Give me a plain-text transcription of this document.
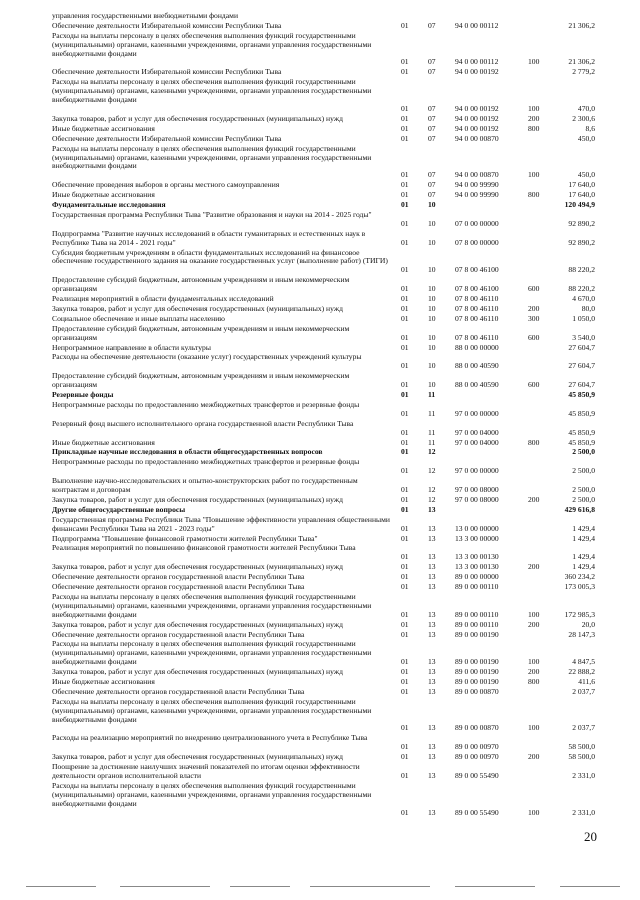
управления государственными внебюджетными фондами
Обеспечение деятельности Избирательной комиссии Республики Тыва	01	07	94 0 00 00112	21 306,2
Расходы на выплаты персоналу в целях обеспечения выполнения функций государственными (муниципальными) органами, казенными учреждениями, органами управления государственными внебюджетными фондами
01	07	94 0 00 00112	100	21 306,2
Обеспечение деятельности Избирательной комиссии Республики Тыва	01	07	94 0 00 00192	2 779,2
Расходы на выплаты персоналу в целях обеспечения выполнения функций государственными (муниципальными) органами, казенными учреждениями, органами управления государственными внебюджетными фондами
01	07	94 0 00 00192	100	470,0
Закупка товаров, работ и услуг для обеспечения государственных (муниципальных) нужд	01	07	94 0 00 00192	200	2 300,6
Иные бюджетные ассигнования	01	07	94 0 00 00192	800	8,6
Обеспечение деятельности Избирательной комиссии Республики Тыва	01	07	94 0 00 00870	450,0
Расходы на выплаты персоналу в целях обеспечения выполнения функций государственными (муниципальными) органами, казенными учреждениями, органами управления государственными внебюджетными фондами
01	07	94 0 00 00870	100	450,0
Обеспечение проведения выборов в органы местного самоуправления	01	07	94 0 00 99990	17 640,0
Иные бюджетные ассигнования	01	07	94 0 00 99990	800	17 640,0
Фундаментальные исследования	01	10	120 494,9
Государственная программа Республики Тыва "Развитие образования и науки на 2014 - 2025 годы"
01	10	07 0 00 00000	92 890,2
Подпрограмма "Развитие научных исследований в области гуманитарных и естественных наук в Республике Тыва на 2014 - 2021 годы"	01	10	07 8 00 00000	92 890,2
Субсидия бюджетным учреждениям в области фундаментальных исследований на финансовое обеспечение государственного задания на оказание государственных услуг (выполнение работ) (ТИГИ)
01	10	07 8 00 46100	88 220,2
Предоставление субсидий бюджетным, автономным учреждениям и иным некоммерческим организациям	01	10	07 8 00 46100	600	88 220,2
Реализация мероприятий в области фундаментальных исследований	01	10	07 8 00 46110	4 670,0
Закупка товаров, работ и услуг для обеспечения государственных (муниципальных) нужд	01	10	07 8 00 46110	200	80,0
Социальное обеспечение и иные выплаты населению	01	10	07 8 00 46110	300	1 050,0
Предоставление субсидий бюджетным, автономным учреждениям и иным некоммерческим организациям	01	10	07 8 00 46110	600	3 540,0
Непрограммное направление в области культуры	01	10	88 0 00 00000	27 604,7
Расходы на обеспечение деятельности (оказание услуг) государственных учреждений культуры
01	10	88 0 00 40590	27 604,7
Предоставление субсидий бюджетным, автономным учреждениям и иным некоммерческим организациям	01	10	88 0 00 40590	600	27 604,7
Резервные фонды	01	11	45 850,9
Непрограммные расходы по предоставлению межбюджетных трансфертов и резервные фонды
01	11	97 0 00 00000	45 850,9
Резервный фонд высшего исполнительного органа государственной власти Республики Тыва
01	11	97 0 00 04000	45 850,9
Иные бюджетные ассигнования	01	11	97 0 00 04000	800	45 850,9
Прикладные научные исследования в области общегосударственных вопросов	01	12	2 500,0
Непрограммные расходы по предоставлению межбюджетных трансфертов и резервные фонды
01	12	97 0 00 00000	2 500,0
Выполнение научно-исследовательских и опытно-конструкторских работ по государственным контрактам и договорам	01	12	97 0 00 08000	2 500,0
Закупка товаров, работ и услуг для обеспечения государственных (муниципальных) нужд	01	12	97 0 00 08000	200	2 500,0
Другие общегосударственные вопросы	01	13	429 616,8
Государственная программа Республики Тыва "Повышение эффективности управления общественными финансами Республики Тыва на 2021 - 2023 годы"	01	13	13 0 00 00000	1 429,4
Подпрограмма "Повышение финансовой грамотности жителей Республики Тыва"	01	13	13 3 00 00000	1 429,4
Реализация мероприятий по повышению финансовой грамотности жителей Республики Тыва
01	13	13 3 00 00130	1 429,4
Закупка товаров, работ и услуг для обеспечения государственных (муниципальных) нужд	01	13	13 3 00 00130	200	1 429,4
Обеспечение деятельности органов государственной власти Республики Тыва	01	13	89 0 00 00000	360 234,2
Обеспечение деятельности органов государственной власти Республики Тыва	01	13	89 0 00 00110	173 005,3
Расходы на выплаты персоналу в целях обеспечения выполнения функций государственными (муниципальными) органами, казенными учреждениями, органами управления государственными внебюджетными фондами	01	13	89 0 00 00110	100	172 985,3
Закупка товаров, работ и услуг для обеспечения государственных (муниципальных) нужд	01	13	89 0 00 00110	200	20,0
Обеспечение деятельности органов государственной власти Республики Тыва	01	13	89 0 00 00190	28 147,3
Расходы на выплаты персоналу в целях обеспечения выполнения функций государственными (муниципальными) органами, казенными учреждениями, органами управления государственными внебюджетными фондами	01	13	89 0 00 00190	100	4 847,5
Закупка товаров, работ и услуг для обеспечения государственных (муниципальных) нужд	01	13	89 0 00 00190	200	22 888,2
Иные бюджетные ассигнования	01	13	89 0 00 00190	800	411,6
Обеспечение деятельности органов государственной власти Республики Тыва	01	13	89 0 00 00870	2 037,7
Расходы на выплаты персоналу в целях обеспечения выполнения функций государственными (муниципальными) органами, казенными учреждениями, органами управления государственными внебюджетными фондами
01	13	89 0 00 00870	100	2 037,7
Расходы на реализацию мероприятий по внедрению централизованного учета в Республике Тыва
01	13	89 0 00 00970	58 500,0
Закупка товаров, работ и услуг для обеспечения государственных (муниципальных) нужд	01	13	89 0 00 00970	200	58 500,0
Поощрение за достижение наилучших значений показателей по итогам оценки эффективности деятельности органов исполнительной власти	01	13	89 0 00 55490	2 331,0
Расходы на выплаты персоналу в целях обеспечения выполнения функций государственными (муниципальными) органами, казенными учреждениями, органами управления государственными внебюджетными фондами
01	13	89 0 00 55490	100	2 331,0
20
